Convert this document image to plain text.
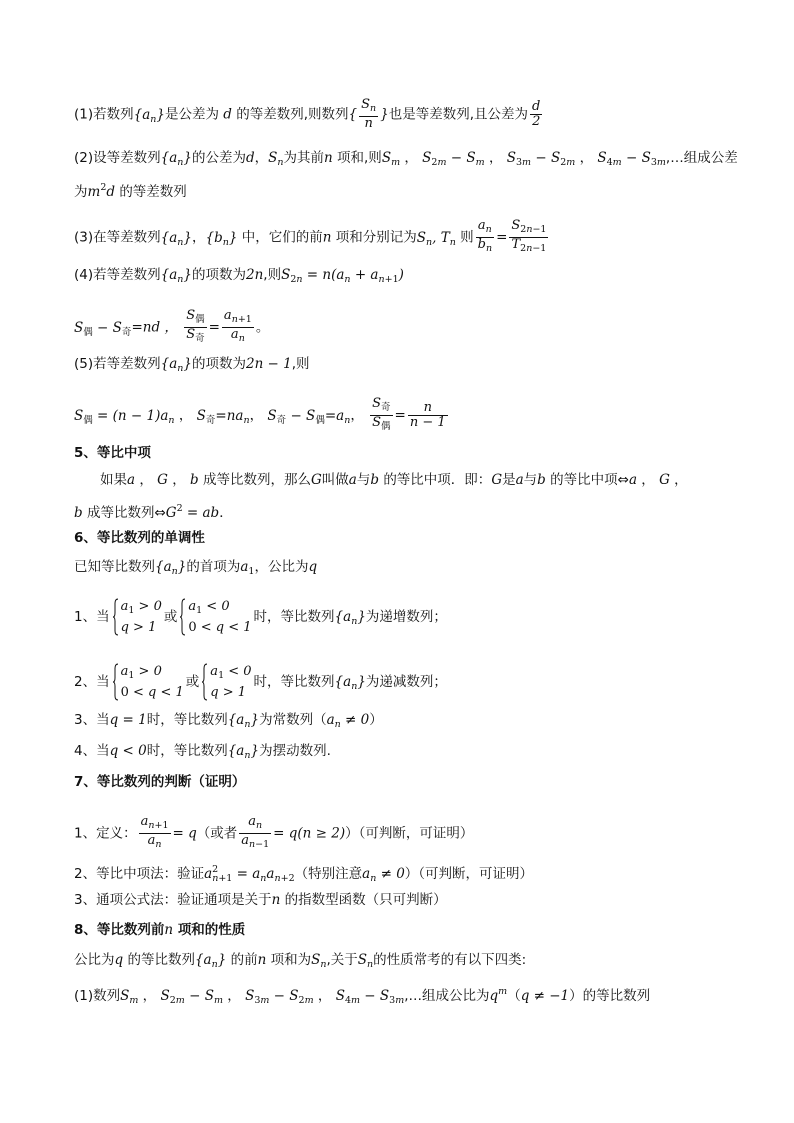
(1)若数列$\{a_n\}$是公差为 d 的等差数列,则数列{ $\frac{S_n}{n}$ }也是等差数列,且公差为 $\frac{d}{2}$
(2)设等差数列$\{a_n\}$的公差为d，$S_n$为其前n 项和,则$S_m$ ， $S_{2m} - S_m$ ， $S_{3m} - S_{2m}$ ， $S_{4m}$ − $S_{3m},\dots$组成公差
为$m^2d$ 的等差数列
(3)在等差数列$\{a_n\}$，$\{b_n\}$ 中，它们的前n 项和分别记为$S_n$, $T_n$ 则 $\frac{a_n}{b_n} = \frac{S_{2n-1}}{T_{2n-1}}$
(4)若等差数列$\{a_n\}$的项数为2n,则$S_{2n} = n(a_n + a_{n+1})$
$S_偶 - S_奇=nd$ ， $\frac{S_偶}{S_奇} = \frac{a_{n+1}}{a_n}$ 。
(5)若等差数列$\{a_n\}$的项数为2n − 1,则
$S_偶 = (n - 1)a_n$ ， $S_奇=na_n$， $S_奇 - S_偶=a_n$， $\frac{S_奇}{S_偶} = \frac{n}{n - 1}$
5、等比中项
如果a ， G ， b 成等比数列，那么G叫做a与b 的等比中项．即：G是a与b 的等比中项⇔a ， G ，
b 成等比数列$\Leftrightarrow G^2$ = ab．
6、等比数列的单调性
已知等比数列$\{a_n\}$的首项为$a_1$，公比为q
1、当
$a_1 > 0$
q > 1
或
$a_1 < 0$
0 < q < 1
时，等比数列$\{a_n\}$为递增数列；
2、当
$a_1 > 0$
0 < q < 1
或
$a_1 < 0$
q > 1
时，等比数列$\{a_n\}$为递减数列；
3、当q = 1时，等比数列$\{a_n\}$为常数列$(a_n \ne 0)$
4、当q < 0时，等比数列$\{a_n\}$为摆动数列.
7、等比数列的判断（证明）
1、定义： $\frac{a_{n+1}}{a_n} = q$（或者 $\frac{a_n}{a_{n-1}} = q(n \ge 2)$）（可判断，可证明）
2、等比中项法：验证$a^2_{n+1} = a_na_{n+2}$（特别注意$a_n \ne 0$）（可判断，可证明）
3、通项公式法：验证通项是关于n 的指数型函数（只可判断）
8、等比数列前n 项和的性质
公比为q 的等比数列$\{a_n\}$ 的前n 项和为$S_n$,关于$S_n$的性质常考的有以下四类:
(1)数列$S_m$ ， $S_{2m} - S_m$ ， $S_{3m} - S_{2m}$ ， $S_{4m}$ − $S_{3m},\dots$组成公比为$q^m(q \ne -1)$的等比数列
